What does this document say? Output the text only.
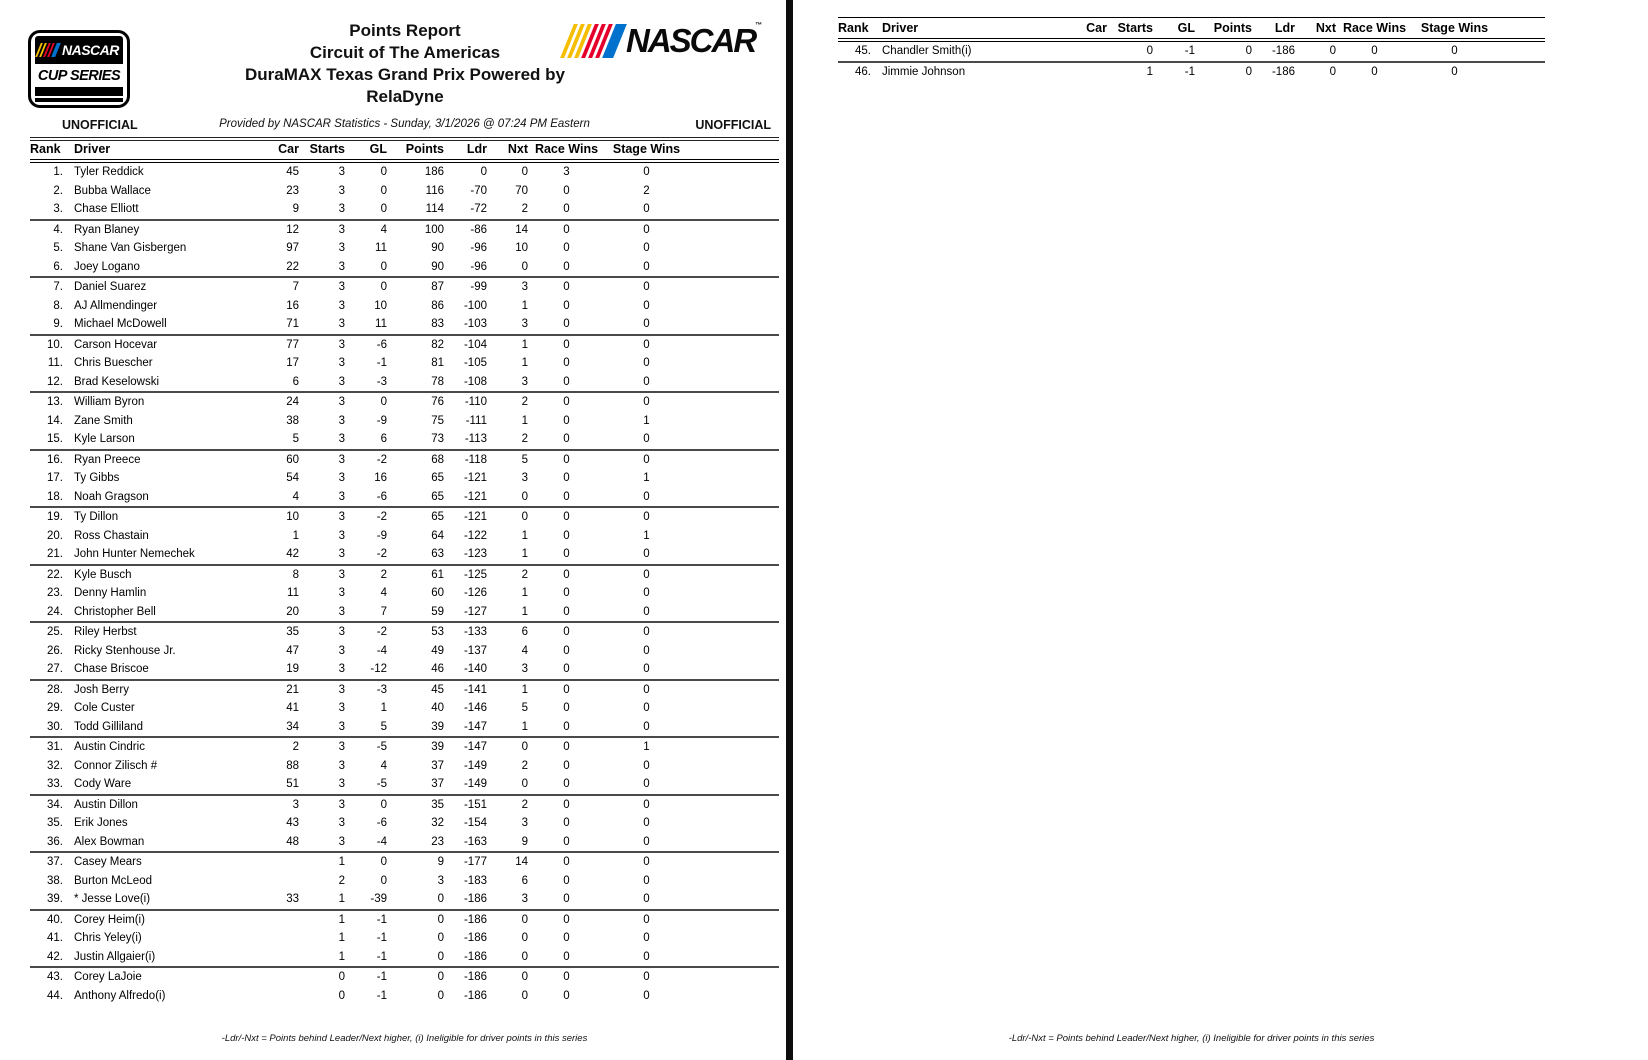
NASCAR
CUP SERIES
Points Report
Circuit of The Americas
DuraMAX Texas Grand Prix Powered by
RelaDyne
NASCAR™
UNOFFICIAL	Provided by NASCAR Statistics - Sunday, 3/1/2026 @ 07:24 PM Eastern	UNOFFICIAL
Rank	Driver	Car	Starts	GL	Points	Ldr	Nxt	Race Wins	Stage Wins	
1.	Tyler Reddick	45	3	0	186	0	0	3	0	
2.	Bubba Wallace	23	3	0	116	-70	70	0	2	
3.	Chase Elliott	9	3	0	114	-72	2	0	0	
4.	Ryan Blaney	12	3	4	100	-86	14	0	0	
5.	Shane Van Gisbergen	97	3	11	90	-96	10	0	0	
6.	Joey Logano	22	3	0	90	-96	0	0	0	
7.	Daniel Suarez	7	3	0	87	-99	3	0	0	
8.	AJ Allmendinger	16	3	10	86	-100	1	0	0	
9.	Michael McDowell	71	3	11	83	-103	3	0	0	
10.	Carson Hocevar	77	3	-6	82	-104	1	0	0	
11.	Chris Buescher	17	3	-1	81	-105	1	0	0	
12.	Brad Keselowski	6	3	-3	78	-108	3	0	0	
13.	William Byron	24	3	0	76	-110	2	0	0	
14.	Zane Smith	38	3	-9	75	-111	1	0	1	
15.	Kyle Larson	5	3	6	73	-113	2	0	0	
16.	Ryan Preece	60	3	-2	68	-118	5	0	0	
17.	Ty Gibbs	54	3	16	65	-121	3	0	1	
18.	Noah Gragson	4	3	-6	65	-121	0	0	0	
19.	Ty Dillon	10	3	-2	65	-121	0	0	0	
20.	Ross Chastain	1	3	-9	64	-122	1	0	1	
21.	John Hunter Nemechek	42	3	-2	63	-123	1	0	0	
22.	Kyle Busch	8	3	2	61	-125	2	0	0	
23.	Denny Hamlin	11	3	4	60	-126	1	0	0	
24.	Christopher Bell	20	3	7	59	-127	1	0	0	
25.	Riley Herbst	35	3	-2	53	-133	6	0	0	
26.	Ricky Stenhouse Jr.	47	3	-4	49	-137	4	0	0	
27.	Chase Briscoe	19	3	-12	46	-140	3	0	0	
28.	Josh Berry	21	3	-3	45	-141	1	0	0	
29.	Cole Custer	41	3	1	40	-146	5	0	0	
30.	Todd Gilliland	34	3	5	39	-147	1	0	0	
31.	Austin Cindric	2	3	-5	39	-147	0	0	1	
32.	Connor Zilisch #	88	3	4	37	-149	2	0	0	
33.	Cody Ware	51	3	-5	37	-149	0	0	0	
34.	Austin Dillon	3	3	0	35	-151	2	0	0	
35.	Erik Jones	43	3	-6	32	-154	3	0	0	
36.	Alex Bowman	48	3	-4	23	-163	9	0	0	
37.	Casey Mears		1	0	9	-177	14	0	0	
38.	Burton McLeod		2	0	3	-183	6	0	0	
39.	* Jesse Love(i)	33	1	-39	0	-186	3	0	0	
40.	Corey Heim(i)		1	-1	0	-186	0	0	0	
41.	Chris Yeley(i)		1	-1	0	-186	0	0	0	
42.	Justin Allgaier(i)		1	-1	0	-186	0	0	0	
43.	Corey LaJoie		0	-1	0	-186	0	0	0	
44.	Anthony Alfredo(i)		0	-1	0	-186	0	0	0	
Rank	Driver	Car	Starts	GL	Points	Ldr	Nxt	Race Wins	Stage Wins	
45.	Chandler Smith(i)		0	-1	0	-186	0	0	0	
46.	Jimmie Johnson		1	-1	0	-186	0	0	0	
-Ldr/-Nxt = Points behind Leader/Next higher, (i) Ineligible for driver points in this series	-Ldr/-Nxt = Points behind Leader/Next higher, (i) Ineligible for driver points in this series
